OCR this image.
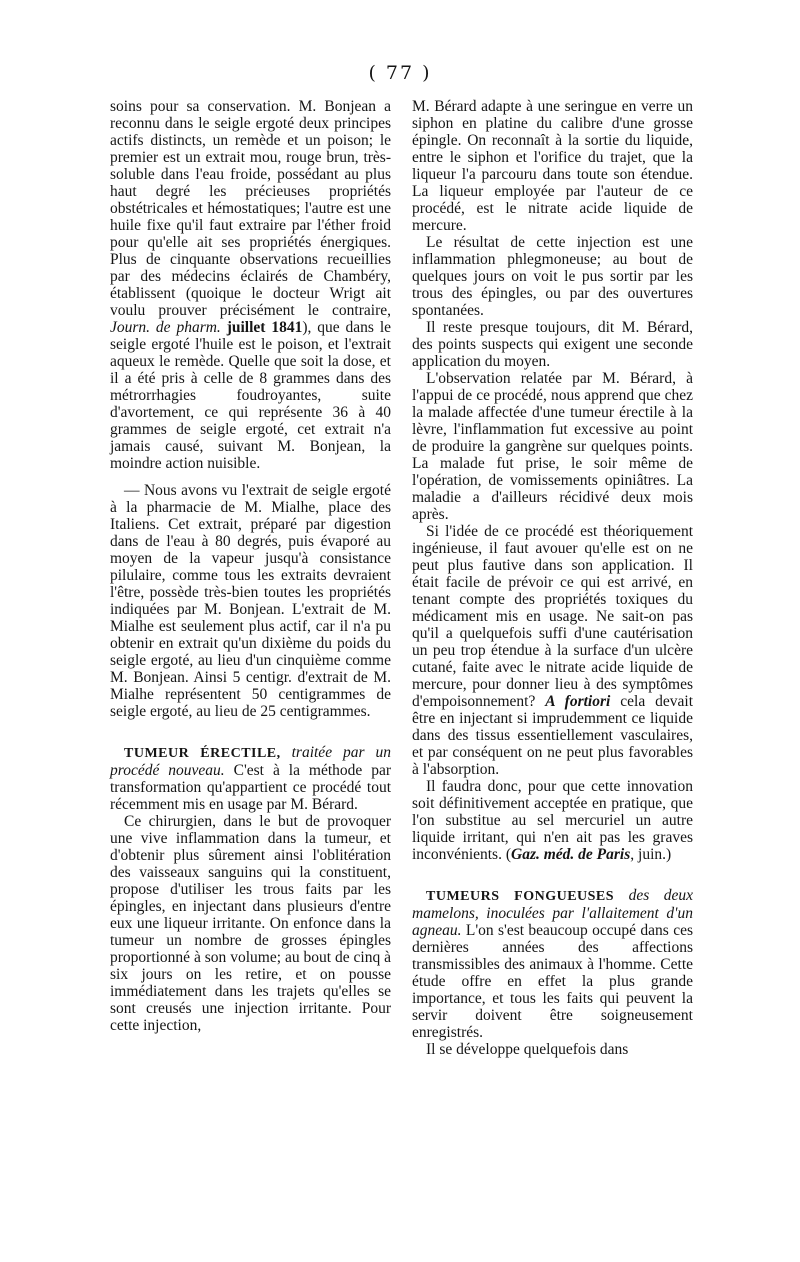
( 77 )

soins pour sa conservation. M. Bonjean a reconnu dans le seigle ergoté deux principes actifs distincts, un remède et un poison; le premier est un extrait mou, rouge brun, très-soluble dans l'eau froide, possédant au plus haut degré les précieuses propriétés obstétricales et hémostatiques; l'autre est une huile fixe qu'il faut extraire par l'éther froid pour qu'elle ait ses propriétés énergiques. Plus de cinquante observations recueillies par des médecins éclairés de Chambéry, établissent (quoique le docteur Wrigt ait voulu prouver précisément le contraire, Journ. de pharm. juillet 1841), que dans le seigle ergoté l'huile est le poison, et l'extrait aqueux le remède. Quelle que soit la dose, et il a été pris à celle de 8 grammes dans des métrorrhagies foudroyantes, suite d'avortement, ce qui représente 36 à 40 grammes de seigle ergoté, cet extrait n'a jamais causé, suivant M. Bonjean, la moindre action nuisible.

— Nous avons vu l'extrait de seigle ergoté à la pharmacie de M. Mialhe, place des Italiens. Cet extrait, préparé par digestion dans de l'eau à 80 degrés, puis évaporé au moyen de la vapeur jusqu'à consistance pilulaire, comme tous les extraits devraient l'être, possède très-bien toutes les propriétés indiquées par M. Bonjean. L'extrait de M. Mialhe est seulement plus actif, car il n'a pu obtenir en extrait qu'un dixième du poids du seigle ergoté, au lieu d'un cinquième comme M. Bonjean. Ainsi 5 centigr. d'extrait de M. Mialhe représentent 50 centigrammes de seigle ergoté, au lieu de 25 centigrammes.

TUMEUR ÉRECTILE, traitée par un procédé nouveau. C'est à la méthode par transformation qu'appartient ce procédé tout récemment mis en usage par M. Bérard.

Ce chirurgien, dans le but de provoquer une vive inflammation dans la tumeur, et d'obtenir plus sûrement ainsi l'oblitération des vaisseaux sanguins qui la constituent, propose d'utiliser les trous faits par les épingles, en injectant dans plusieurs d'entre eux une liqueur irritante. On enfonce dans la tumeur un nombre de grosses épingles proportionné à son volume; au bout de cinq à six jours on les retire, et on pousse immédiatement dans les trajets qu'elles se sont creusés une injection irritante. Pour cette injection,

M. Bérard adapte à une seringue en verre un siphon en platine du calibre d'une grosse épingle. On reconnaît à la sortie du liquide, entre le siphon et l'orifice du trajet, que la liqueur l'a parcouru dans toute son étendue. La liqueur employée par l'auteur de ce procédé, est le nitrate acide liquide de mercure.

Le résultat de cette injection est une inflammation phlegmoneuse; au bout de quelques jours on voit le pus sortir par les trous des épingles, ou par des ouvertures spontanées.

Il reste presque toujours, dit M. Bérard, des points suspects qui exigent une seconde application du moyen.

L'observation relatée par M. Bérard, à l'appui de ce procédé, nous apprend que chez la malade affectée d'une tumeur érectile à la lèvre, l'inflammation fut excessive au point de produire la gangrène sur quelques points. La malade fut prise, le soir même de l'opération, de vomissements opiniâtres. La maladie a d'ailleurs récidivé deux mois après.

Si l'idée de ce procédé est théoriquement ingénieuse, il faut avouer qu'elle est on ne peut plus fautive dans son application. Il était facile de prévoir ce qui est arrivé, en tenant compte des propriétés toxiques du médicament mis en usage. Ne sait-on pas qu'il a quelquefois suffi d'une cautérisation un peu trop étendue à la surface d'un ulcère cutané, faite avec le nitrate acide liquide de mercure, pour donner lieu à des symptômes d'empoisonnement? A fortiori cela devait être en injectant si imprudemment ce liquide dans des tissus essentiellement vasculaires, et par conséquent on ne peut plus favorables à l'absorption.

Il faudra donc, pour que cette innovation soit définitivement acceptée en pratique, que l'on substitue au sel mercuriel un autre liquide irritant, qui n'en ait pas les graves inconvénients. (Gaz. méd. de Paris, juin.)

TUMEURS FONGUEUSES des deux mamelons, inoculées par l'allaitement d'un agneau. L'on s'est beaucoup occupé dans ces dernières années des affections transmissibles des animaux à l'homme. Cette étude offre en effet la plus grande importance, et tous les faits qui peuvent la servir doivent être soigneusement enregistrés.

Il se développe quelquefois dans
